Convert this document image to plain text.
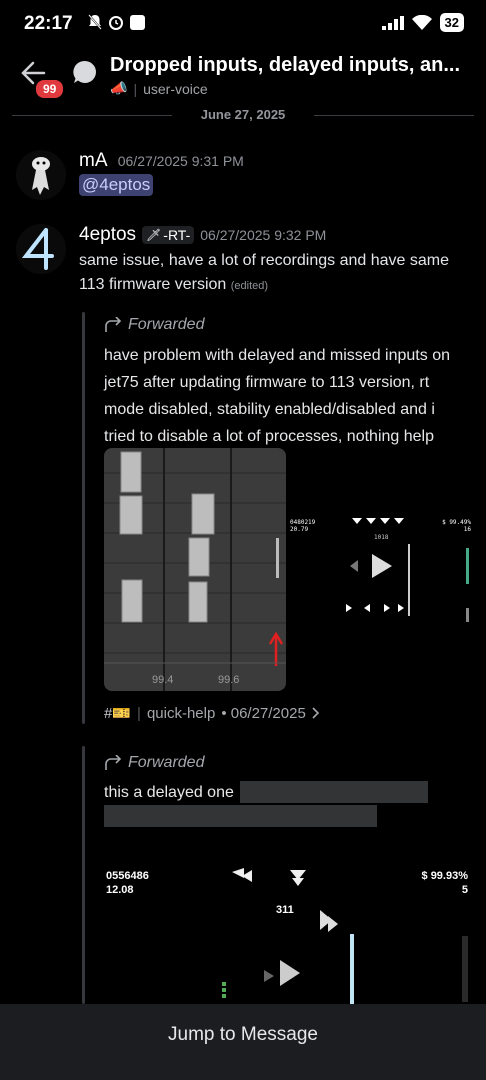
22:17	32
99
Dropped inputs, delayed inputs, an...
📣 | user-voice
June 27, 2025
mA 06/27/2025 9:31 PM
@4eptos
4eptos 🗡 -RT- 06/27/2025 9:32 PM
same issue, have a lot of recordings and have same
113 firmware version (edited)
Forwarded
have problem with delayed and missed inputs on
jet75 after updating firmware to 113 version, rt
mode disabled, stability enabled/disabled and i
tried to disable a lot of processes, nothing help
99.4	99.6
0480219
20.79
$ 99.49%
16
1018
#🎫 | quick-help • 06/27/2025
Forwarded
this a delayed one
0556486
12.08
$ 99.93%
5
311
Jump to Message
